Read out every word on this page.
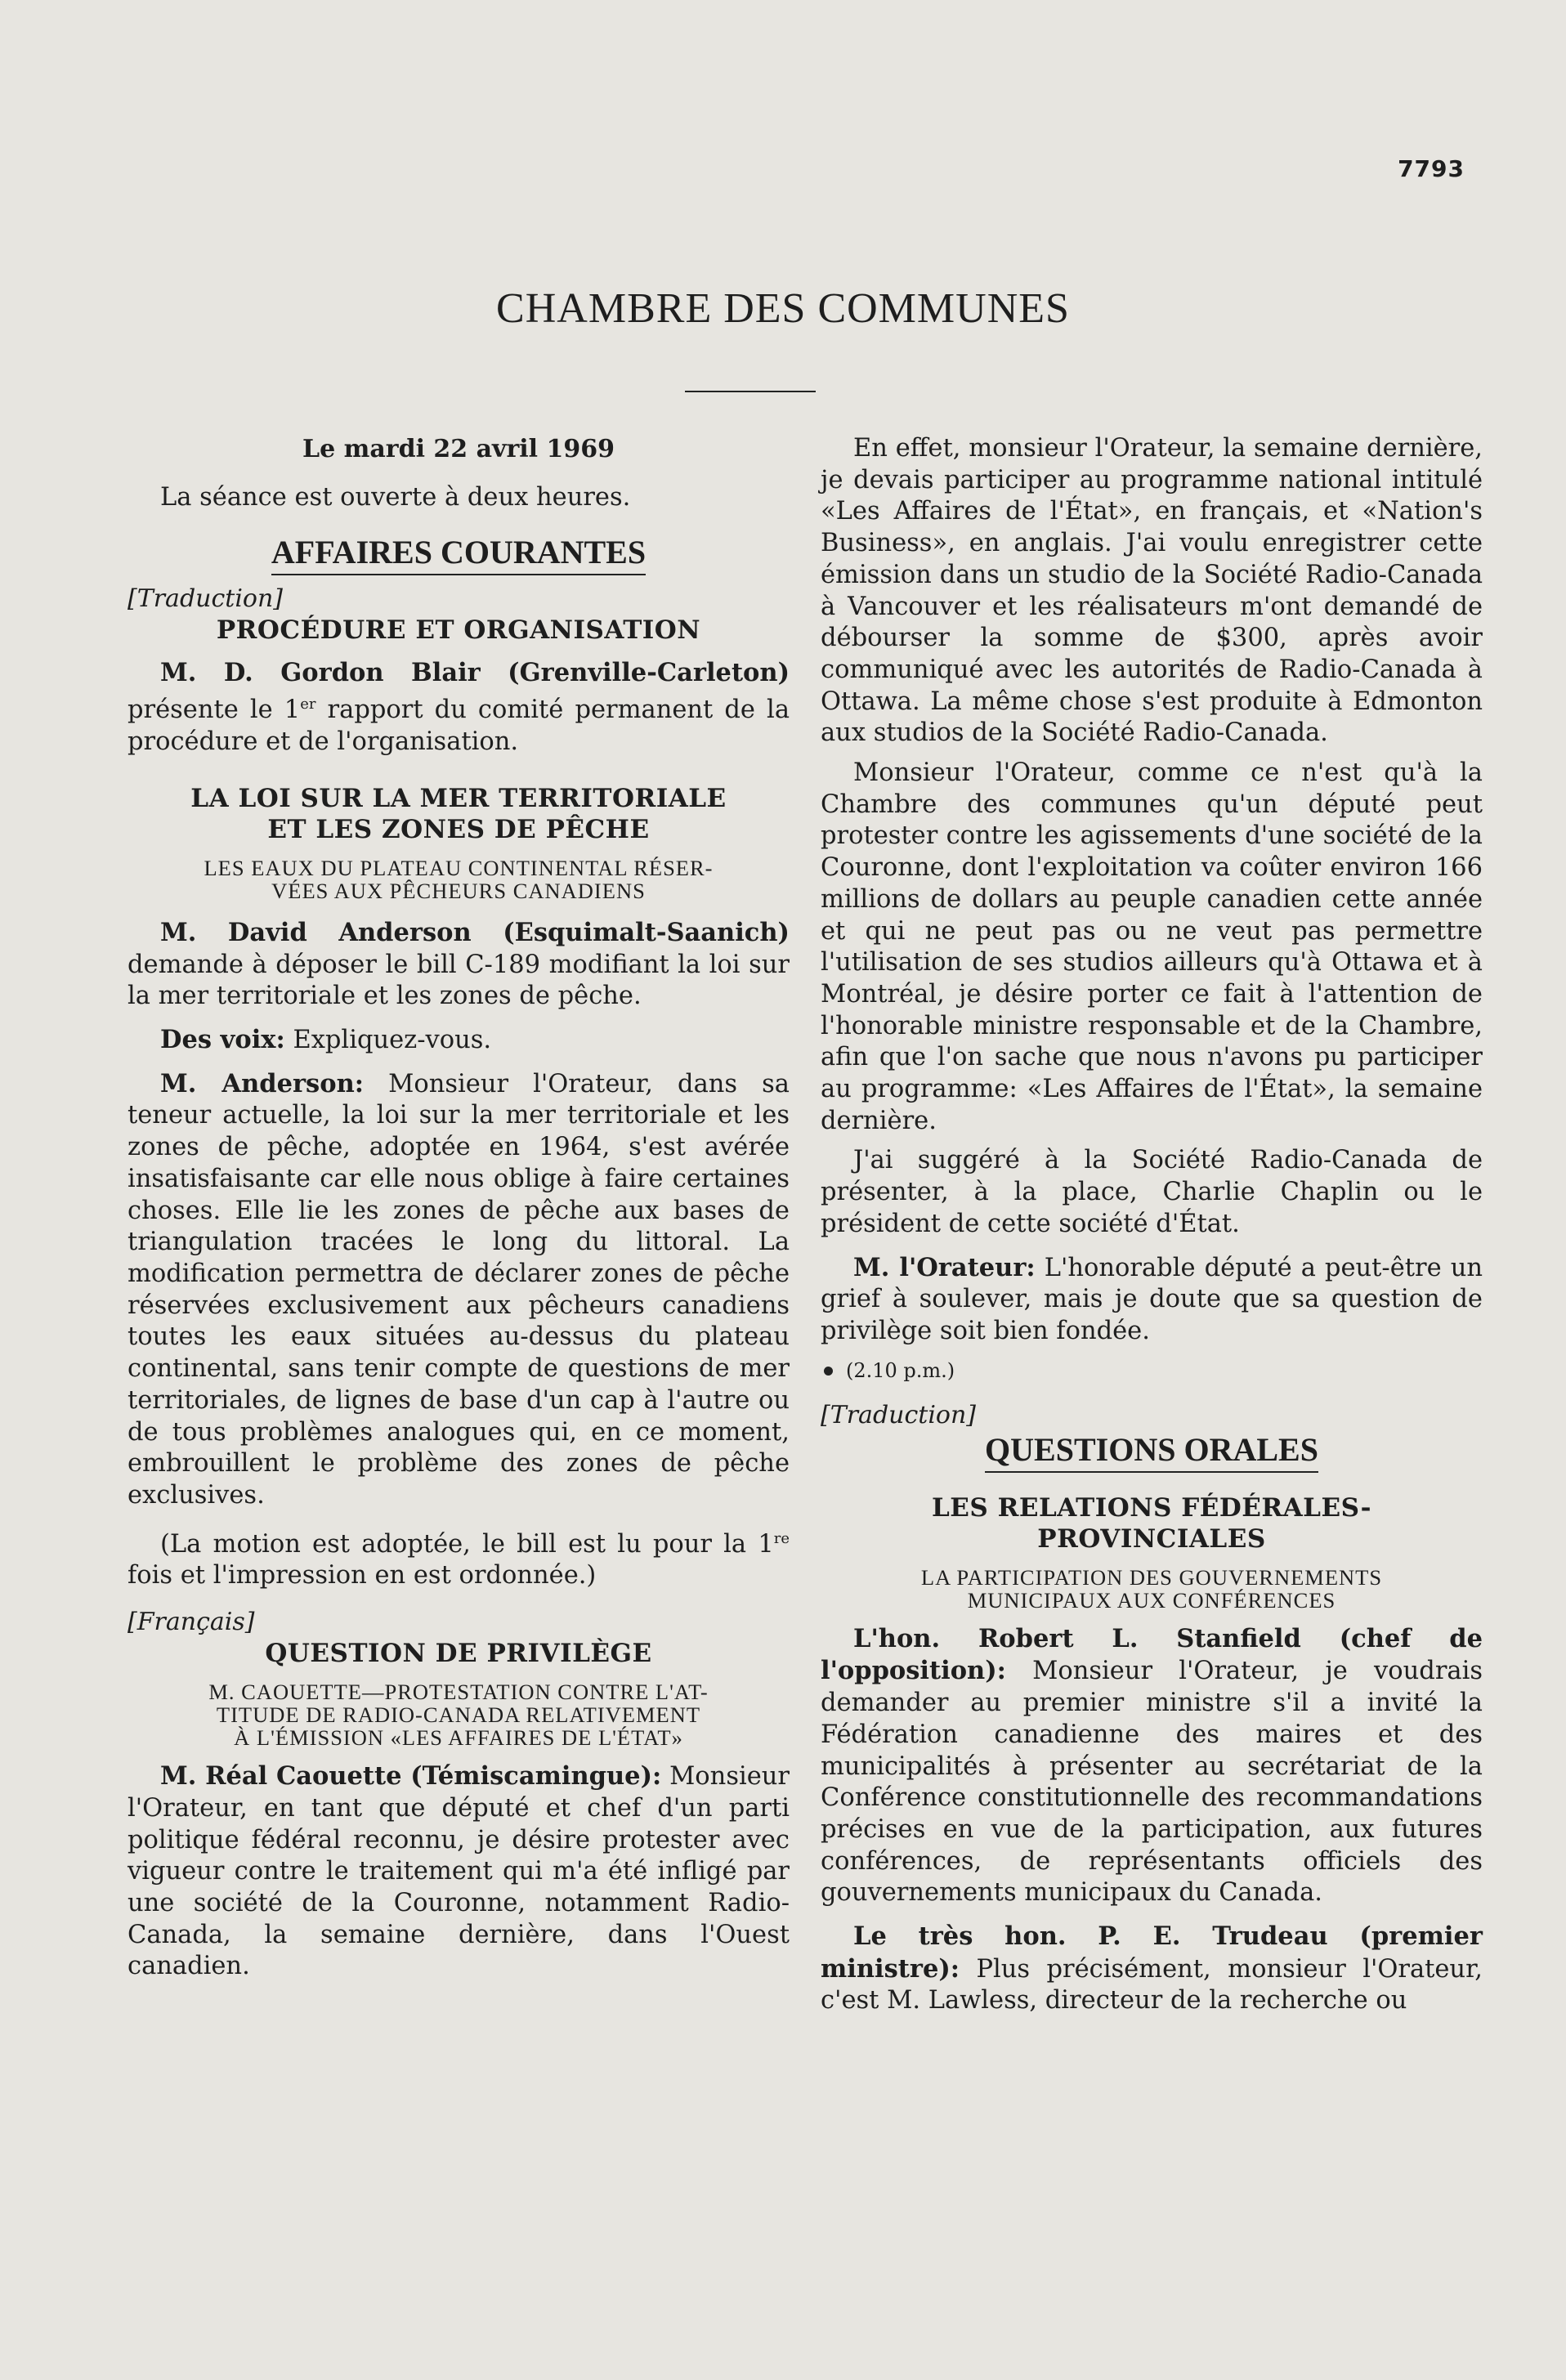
7793
CHAMBRE DES COMMUNES
Le mardi 22 avril 1969

La séance est ouverte à deux heures.

AFFAIRES COURANTES
[Traduction]
PROCÉDURE ET ORGANISATION

M. D. Gordon Blair (Grenville-Carleton) présente le 1er rapport du comité permanent de la procédure et de l'organisation.

LA LOI SUR LA MER TERRITORIALE
ET LES ZONES DE PÊCHE
LES EAUX DU PLATEAU CONTINENTAL RÉSER-
VÉES AUX PÊCHEURS CANADIENS

M. David Anderson (Esquimalt-Saanich) demande à déposer le bill C-189 modifiant la loi sur la mer territoriale et les zones de pêche.

Des voix: Expliquez-vous.

M. Anderson: Monsieur l'Orateur, dans sa teneur actuelle, la loi sur la mer territoriale et les zones de pêche, adoptée en 1964, s'est avérée insatisfaisante car elle nous oblige à faire certaines choses. Elle lie les zones de pêche aux bases de triangulation tracées le long du littoral. La modification permettra de déclarer zones de pêche réservées exclusivement aux pêcheurs canadiens toutes les eaux situées au-dessus du plateau continental, sans tenir compte de questions de mer territoriales, de lignes de base d'un cap à l'autre ou de tous problèmes analogues qui, en ce moment, embrouillent le problème des zones de pêche exclusives.

(La motion est adoptée, le bill est lu pour la 1re fois et l'impression en est ordonnée.)

[Français]
QUESTION DE PRIVILÈGE
M. CAOUETTE—PROTESTATION CONTRE L'AT-
TITUDE DE RADIO-CANADA RELATIVEMENT
À L'ÉMISSION «LES AFFAIRES DE L'ÉTAT»

M. Réal Caouette (Témiscamingue): Monsieur l'Orateur, en tant que député et chef d'un parti politique fédéral reconnu, je désire protester avec vigueur contre le traitement qui m'a été infligé par une société de la Couronne, notamment Radio-Canada, la semaine dernière, dans l'Ouest canadien.

En effet, monsieur l'Orateur, la semaine dernière, je devais participer au programme national intitulé «Les Affaires de l'État», en français, et «Nation's Business», en anglais. J'ai voulu enregistrer cette émission dans un studio de la Société Radio-Canada à Vancouver et les réalisateurs m'ont demandé de débourser la somme de $300, après avoir communiqué avec les autorités de Radio-Canada à Ottawa. La même chose s'est produite à Edmonton aux studios de la Société Radio-Canada.

Monsieur l'Orateur, comme ce n'est qu'à la Chambre des communes qu'un député peut protester contre les agissements d'une société de la Couronne, dont l'exploitation va coûter environ 166 millions de dollars au peuple canadien cette année et qui ne peut pas ou ne veut pas permettre l'utilisation de ses studios ailleurs qu'à Ottawa et à Montréal, je désire porter ce fait à l'attention de l'honorable ministre responsable et de la Chambre, afin que l'on sache que nous n'avons pu participer au programme: «Les Affaires de l'État», la semaine dernière.

J'ai suggéré à la Société Radio-Canada de présenter, à la place, Charlie Chaplin ou le président de cette société d'État.

M. l'Orateur: L'honorable député a peut-être un grief à soulever, mais je doute que sa question de privilège soit bien fondée.

(2.10 p.m.)
[Traduction]
QUESTIONS ORALES
LES RELATIONS FÉDÉRALES-
PROVINCIALES
LA PARTICIPATION DES GOUVERNEMENTS
MUNICIPAUX AUX CONFÉRENCES

L'hon. Robert L. Stanfield (chef de l'opposition): Monsieur l'Orateur, je voudrais demander au premier ministre s'il a invité la Fédération canadienne des maires et des municipalités à présenter au secrétariat de la Conférence constitutionnelle des recommandations précises en vue de la participation, aux futures conférences, de représentants officiels des gouvernements municipaux du Canada.

Le très hon. P. E. Trudeau (premier ministre): Plus précisément, monsieur l'Orateur, c'est M. Lawless, directeur de la recherche ou
